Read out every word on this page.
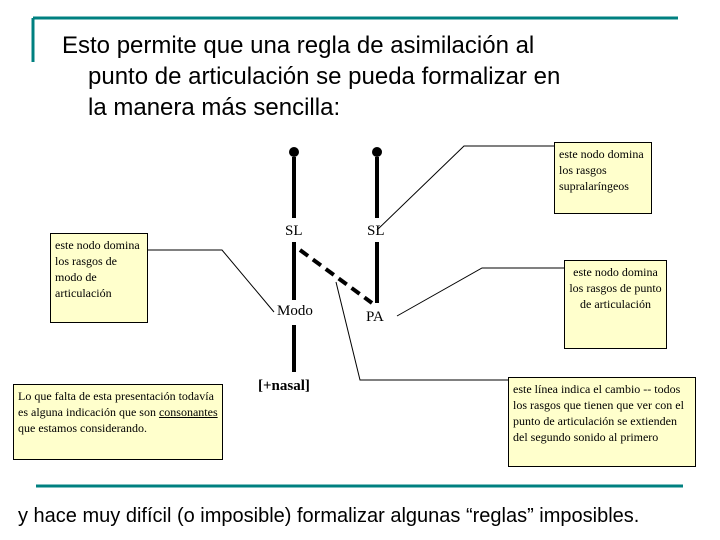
Esto permite que una regla de asimilación al
punto de articulación se pueda formalizar en
la manera más sencilla:
SL	SL
Modo	PA
[+nasal]
este nodo domina los rasgos supralaríngeos
este nodo domina los rasgos de modo de articulación
este nodo domina los rasgos de punto de articulación
Lo que falta de esta presentación todavía es alguna indicación que son consonantes que estamos considerando.
este línea indica el cambio -- todos los rasgos que tienen que ver con el punto de articulación se extienden del segundo sonido al primero
y hace muy difícil (o imposible) formalizar algunas “reglas” imposibles.
